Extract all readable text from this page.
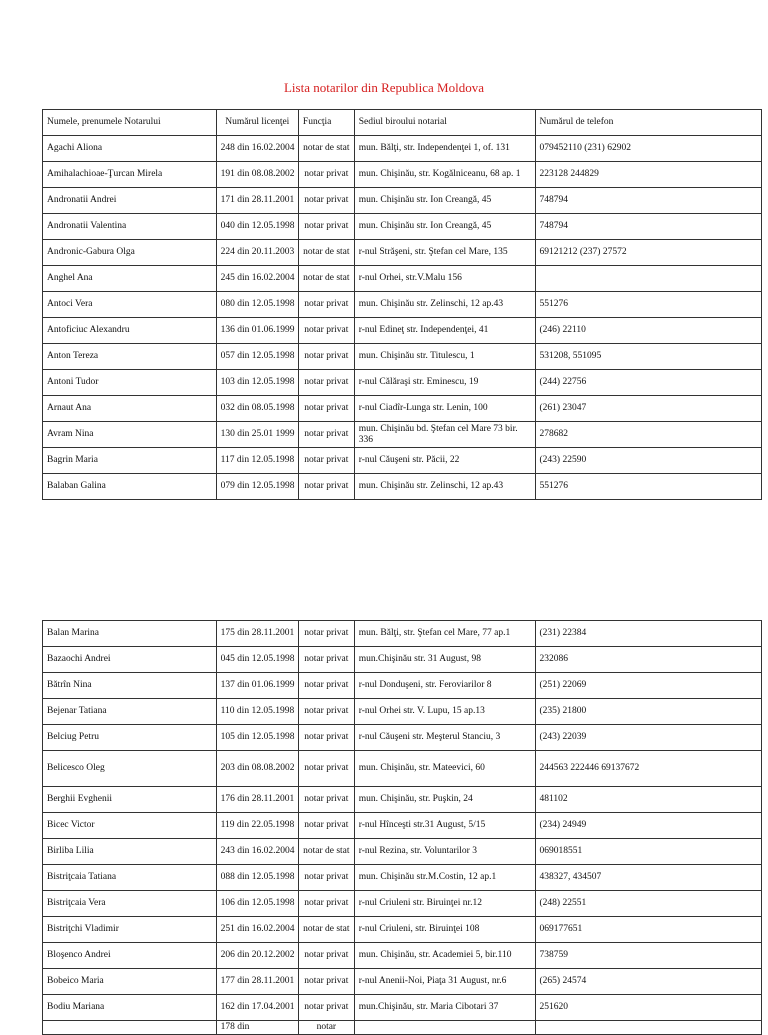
Lista notarilor din Republica Moldova
Numele, prenumele Notarului	Numărul licenţei	Funcţia	Sediul biroului notarial	Numărul de telefon
Agachi Aliona	248 din 16.02.2004	notar de stat	mun. Bălţi, str. Independenţei 1, of. 131	079452110 (231) 62902
Amihalachioae-Ţurcan Mirela	191 din 08.08.2002	notar privat	mun. Chişinău, str. Kogălniceanu, 68 ap. 1	223128 244829
Andronatii Andrei	171 din 28.11.2001	notar privat	mun. Chişinău str. Ion Creangă, 45	748794
Andronatii Valentina	040 din 12.05.1998	notar privat	mun. Chişinău str. Ion Creangă, 45	748794
Andronic-Gabura Olga	224 din 20.11.2003	notar de stat	r-nul Străşeni, str. Ştefan cel Mare, 135	69121212 (237) 27572
Anghel Ana	245 din 16.02.2004	notar de stat	r-nul Orhei, str.V.Malu 156	
Antoci Vera	080 din 12.05.1998	notar privat	mun. Chişinău str. Zelinschi, 12 ap.43	551276
Antoficiuc Alexandru	136 din 01.06.1999	notar privat	r-nul Edineţ str. Independenţei, 41	(246) 22110
Anton Tereza	057 din 12.05.1998	notar privat	mun. Chişinău str. Titulescu, 1	531208, 551095
Antoni Tudor	103 din 12.05.1998	notar privat	r-nul Călăraşi str. Eminescu, 19	(244) 22756
Arnaut Ana	032 din 08.05.1998	notar privat	r-nul Ciadîr-Lunga str. Lenin, 100	(261) 23047
Avram Nina	130 din 25.01 1999	notar privat	mun. Chişinău bd. Ştefan cel Mare 73 bir. 336	278682
Bagrin Maria	117 din 12.05.1998	notar privat	r-nul Căuşeni str. Păcii, 22	(243) 22590
Balaban Galina	079 din 12.05.1998	notar privat	mun. Chişinău str. Zelinschi, 12 ap.43	551276
Balan Marina	175 din 28.11.2001	notar privat	mun. Bălţi, str. Ştefan cel Mare, 77 ap.1	(231) 22384
Bazaochi Andrei	045 din 12.05.1998	notar privat	mun.Chişinău str. 31 August, 98	232086
Bătrîn Nina	137 din 01.06.1999	notar privat	r-nul Donduşeni, str. Feroviarilor 8	(251) 22069
Bejenar Tatiana	110 din 12.05.1998	notar privat	r-nul Orhei str. V. Lupu, 15 ap.13	(235) 21800
Belciug Petru	105 din 12.05.1998	notar privat	r-nul Căuşeni str. Meşterul Stanciu, 3	(243) 22039
Belicesco Oleg	203 din 08.08.2002	notar privat	mun. Chişinău, str. Mateevici, 60	244563 222446 69137672
Berghii Evghenii	176 din 28.11.2001	notar privat	mun. Chişinău, str. Puşkin, 24	481102
Bicec Victor	119 din 22.05.1998	notar privat	r-nul Hînceşti str.31 August, 5/15	(234) 24949
Birliba Lilia	243 din 16.02.2004	notar de stat	r-nul Rezina, str. Voluntarilor 3	069018551
Bistriţcaia Tatiana	088 din 12.05.1998	notar privat	mun. Chişinău str.M.Costin, 12 ap.1	438327, 434507
Bistriţcaia Vera	106 din 12.05.1998	notar privat	r-nul Criuleni str. Biruinţei nr.12	(248) 22551
Bistriţchi Vladimir	251 din 16.02.2004	notar de stat	r-nul Criuleni, str. Biruinţei 108	069177651
Bloşenco Andrei	206 din 20.12.2002	notar privat	mun. Chişinău, str. Academiei 5, bir.110	738759
Bobeico Maria	177 din 28.11.2001	notar privat	r-nul Anenii-Noi, Piaţa 31 August, nr.6	(265) 24574
Bodiu Mariana	162 din 17.04.2001	notar privat	mun.Chişinău, str. Maria Cibotari 37	251620
	178 din	notar		
